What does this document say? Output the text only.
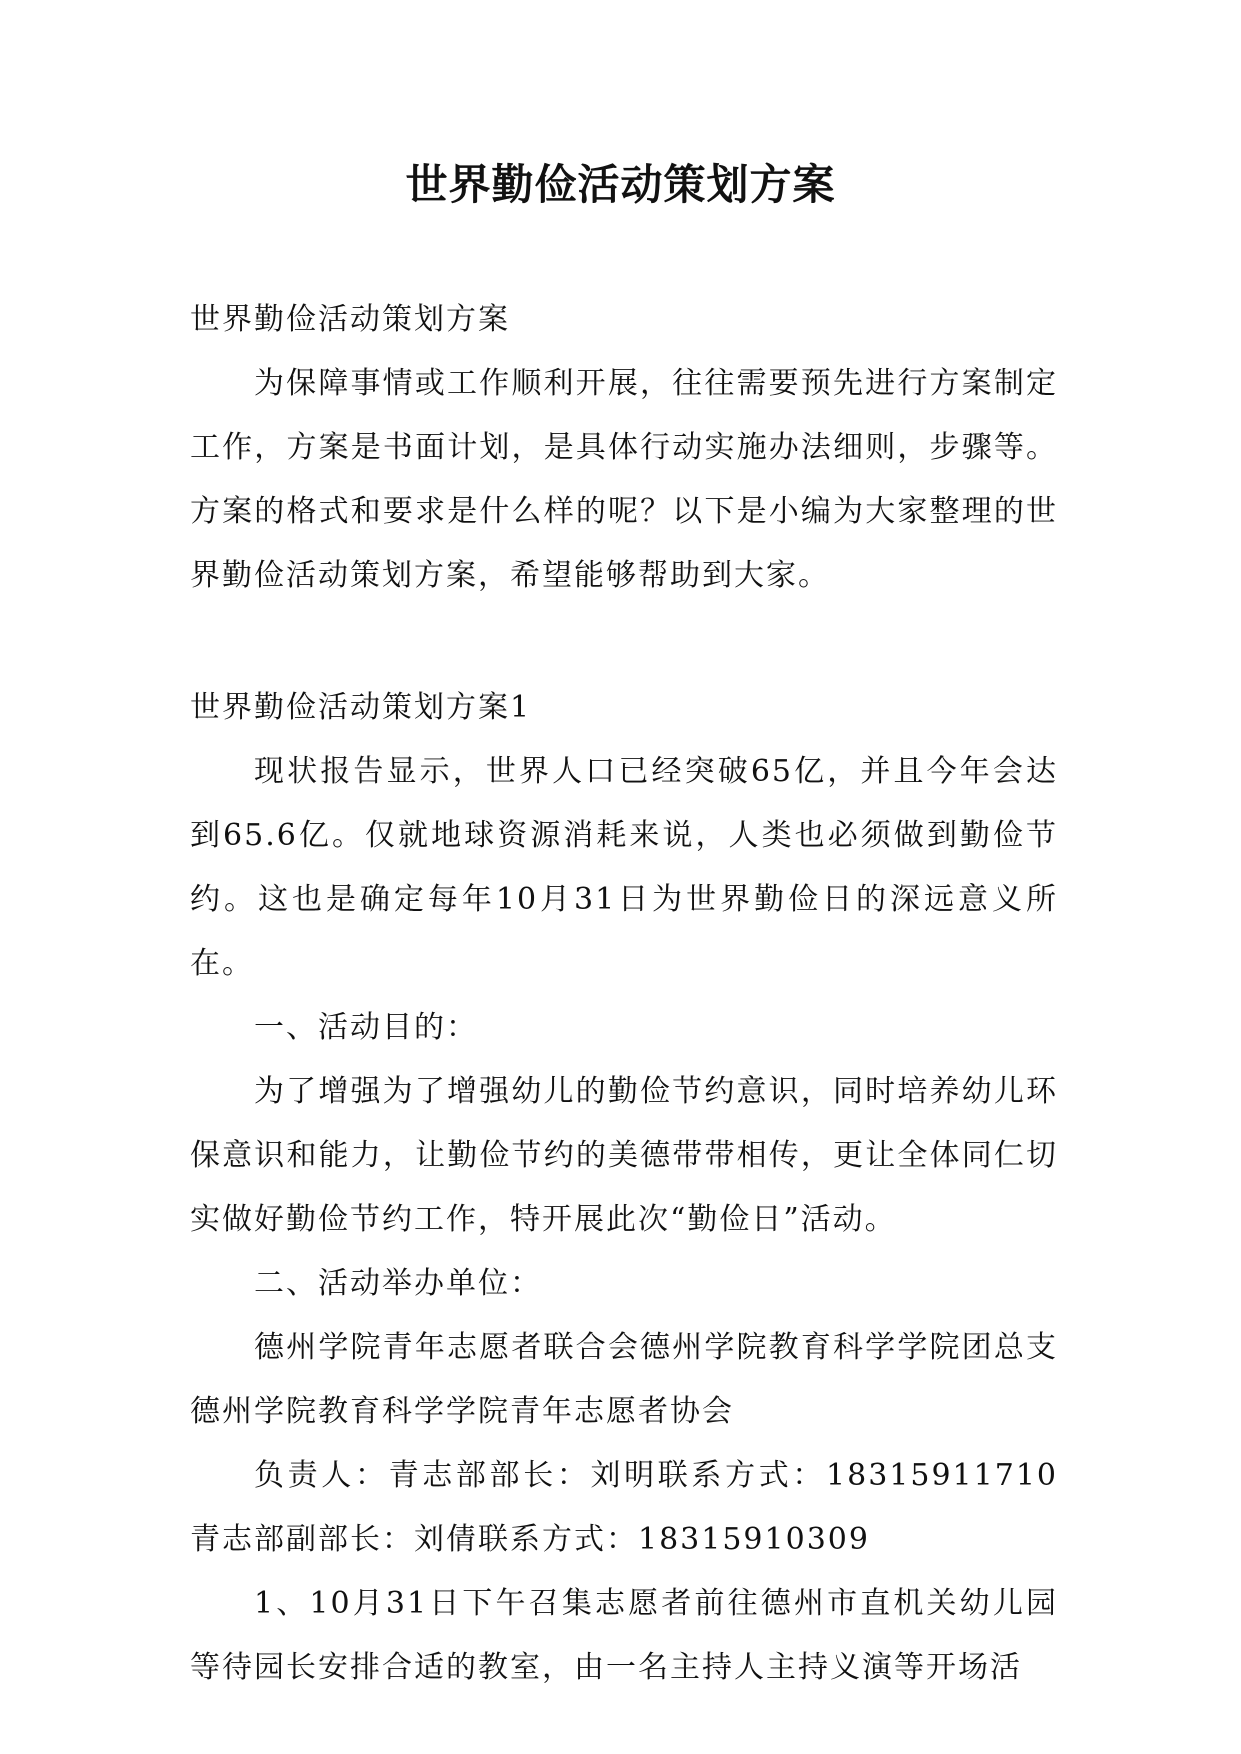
世界勤俭活动策划方案

世界勤俭活动策划方案

为保障事情或工作顺利开展，往往需要预先进行方案制定工作，方案是书面计划，是具体行动实施办法细则，步骤等。方案的格式和要求是什么样的呢？以下是小编为大家整理的世界勤俭活动策划方案，希望能够帮助到大家。

世界勤俭活动策划方案1

现状报告显示，世界人口已经突破65亿，并且今年会达到65.6亿。仅就地球资源消耗来说，人类也必须做到勤俭节约。这也是确定每年10月31日为世界勤俭日的深远意义所在。

一、活动目的：

为了增强为了增强幼儿的勤俭节约意识，同时培养幼儿环保意识和能力，让勤俭节约的美德带带相传，更让全体同仁切实做好勤俭节约工作，特开展此次“勤俭日”活动。

二、活动举办单位：

德州学院青年志愿者联合会德州学院教育科学学院团总支德州学院教育科学学院青年志愿者协会

负责人：青志部部长：刘明联系方式：18315911710青志部副部长：刘倩联系方式：18315910309

1、10月31日下午召集志愿者前往德州市直机关幼儿园等待园长安排合适的教室，由一名主持人主持义演等开场活
